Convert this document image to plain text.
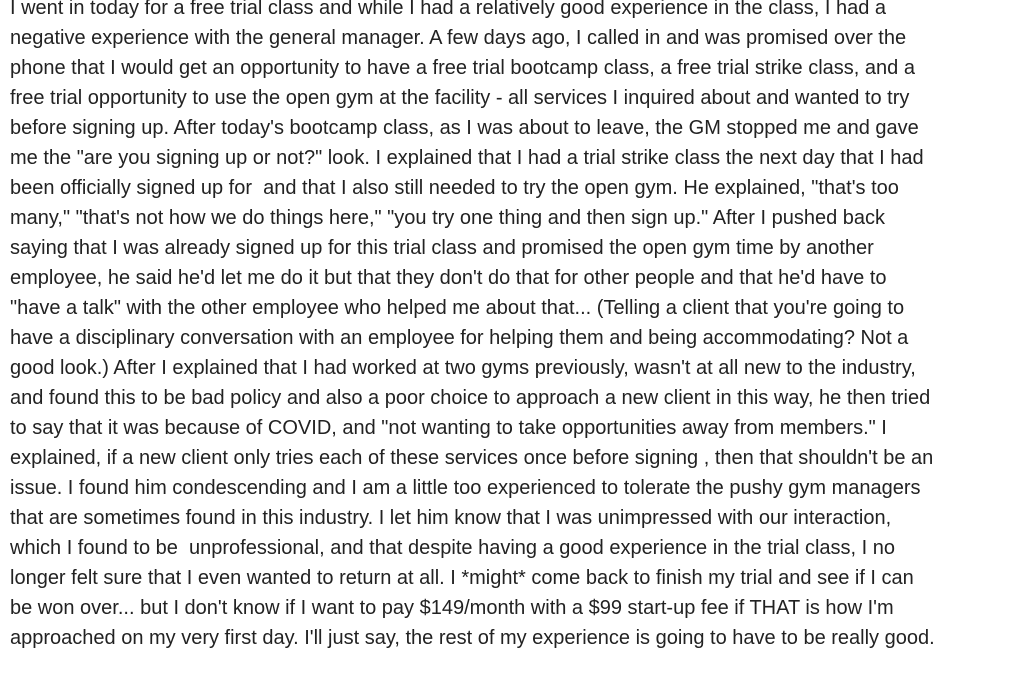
I went in today for a free trial class and while I had a relatively good experience in the class, I had a
negative experience with the general manager. A few days ago, I called in and was promised over the
phone that I would get an opportunity to have a free trial bootcamp class, a free trial strike class, and a
free trial opportunity to use the open gym at the facility - all services I inquired about and wanted to try
before signing up. After today's bootcamp class, as I was about to leave, the GM stopped me and gave
me the "are you signing up or not?" look. I explained that I had a trial strike class the next day that I had
been officially signed up for  and that I also still needed to try the open gym. He explained, "that's too
many," "that's not how we do things here," "you try one thing and then sign up." After I pushed back
saying that I was already signed up for this trial class and promised the open gym time by another
employee, he said he'd let me do it but that they don't do that for other people and that he'd have to
"have a talk" with the other employee who helped me about that... (Telling a client that you're going to
have a disciplinary conversation with an employee for helping them and being accommodating? Not a
good look.) After I explained that I had worked at two gyms previously, wasn't at all new to the industry,
and found this to be bad policy and also a poor choice to approach a new client in this way, he then tried
to say that it was because of COVID, and "not wanting to take opportunities away from members." I
explained, if a new client only tries each of these services once before signing , then that shouldn't be an
issue. I found him condescending and I am a little too experienced to tolerate the pushy gym managers
that are sometimes found in this industry. I let him know that I was unimpressed with our interaction,
which I found to be  unprofessional, and that despite having a good experience in the trial class, I no
longer felt sure that I even wanted to return at all. I *might* come back to finish my trial and see if I can
be won over... but I don't know if I want to pay $149/month with a $99 start-up fee if THAT is how I'm
approached on my very first day. I'll just say, the rest of my experience is going to have to be really good.
